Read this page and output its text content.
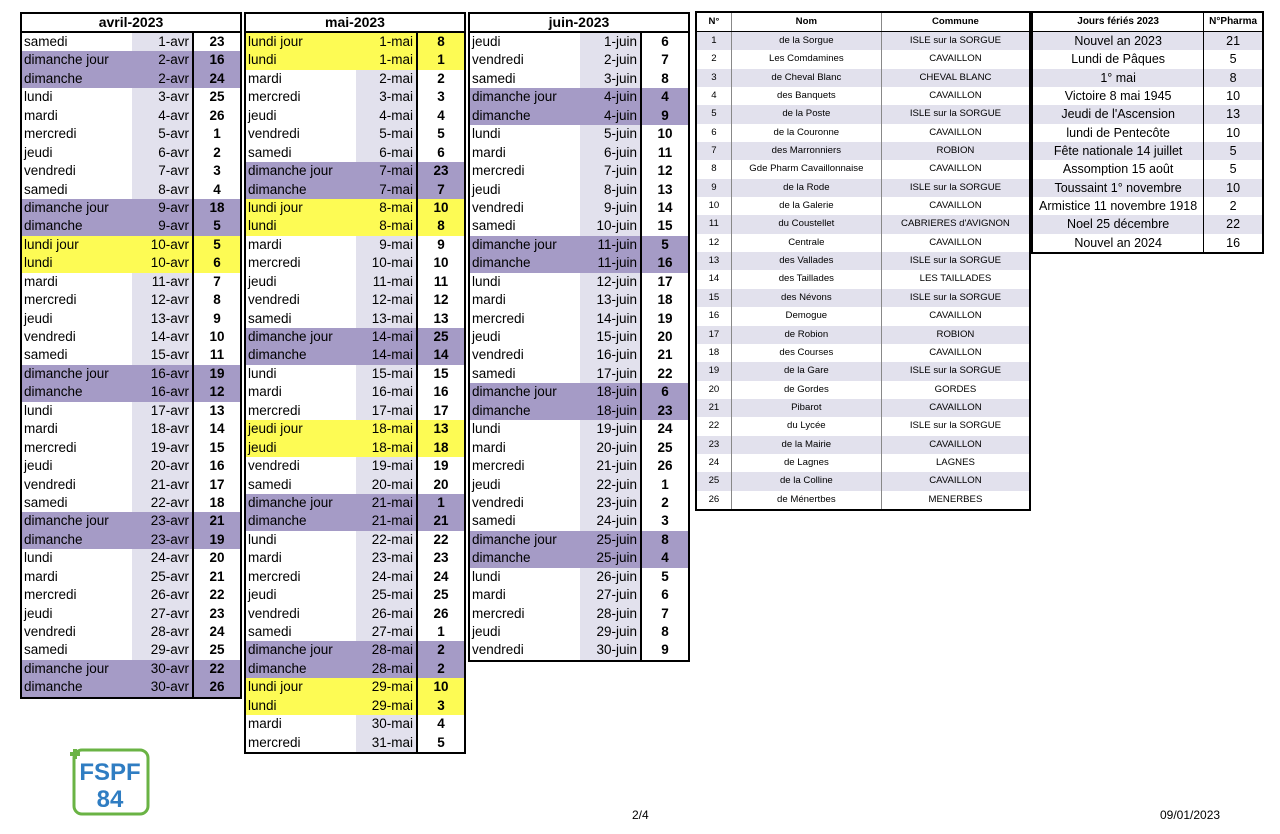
avril-2023
samedi	1-avr	23
dimanche jour	2-avr	16
dimanche	2-avr	24
lundi	3-avr	25
mardi	4-avr	26
mercredi	5-avr	1
jeudi	6-avr	2
vendredi	7-avr	3
samedi	8-avr	4
dimanche jour	9-avr	18
dimanche	9-avr	5
lundi jour	10-avr	5
lundi	10-avr	6
mardi	11-avr	7
mercredi	12-avr	8
jeudi	13-avr	9
vendredi	14-avr	10
samedi	15-avr	11
dimanche jour	16-avr	19
dimanche	16-avr	12
lundi	17-avr	13
mardi	18-avr	14
mercredi	19-avr	15
jeudi	20-avr	16
vendredi	21-avr	17
samedi	22-avr	18
dimanche jour	23-avr	21
dimanche	23-avr	19
lundi	24-avr	20
mardi	25-avr	21
mercredi	26-avr	22
jeudi	27-avr	23
vendredi	28-avr	24
samedi	29-avr	25
dimanche jour	30-avr	22
dimanche	30-avr	26
mai-2023
lundi jour	1-mai	8
lundi	1-mai	1
mardi	2-mai	2
mercredi	3-mai	3
jeudi	4-mai	4
vendredi	5-mai	5
samedi	6-mai	6
dimanche jour	7-mai	23
dimanche	7-mai	7
lundi jour	8-mai	10
lundi	8-mai	8
mardi	9-mai	9
mercredi	10-mai	10
jeudi	11-mai	11
vendredi	12-mai	12
samedi	13-mai	13
dimanche jour	14-mai	25
dimanche	14-mai	14
lundi	15-mai	15
mardi	16-mai	16
mercredi	17-mai	17
jeudi jour	18-mai	13
jeudi	18-mai	18
vendredi	19-mai	19
samedi	20-mai	20
dimanche jour	21-mai	1
dimanche	21-mai	21
lundi	22-mai	22
mardi	23-mai	23
mercredi	24-mai	24
jeudi	25-mai	25
vendredi	26-mai	26
samedi	27-mai	1
dimanche jour	28-mai	2
dimanche	28-mai	2
lundi jour	29-mai	10
lundi	29-mai	3
mardi	30-mai	4
mercredi	31-mai	5
juin-2023
jeudi	1-juin	6
vendredi	2-juin	7
samedi	3-juin	8
dimanche jour	4-juin	4
dimanche	4-juin	9
lundi	5-juin	10
mardi	6-juin	11
mercredi	7-juin	12
jeudi	8-juin	13
vendredi	9-juin	14
samedi	10-juin	15
dimanche jour	11-juin	5
dimanche	11-juin	16
lundi	12-juin	17
mardi	13-juin	18
mercredi	14-juin	19
jeudi	15-juin	20
vendredi	16-juin	21
samedi	17-juin	22
dimanche jour	18-juin	6
dimanche	18-juin	23
lundi	19-juin	24
mardi	20-juin	25
mercredi	21-juin	26
jeudi	22-juin	1
vendredi	23-juin	2
samedi	24-juin	3
dimanche jour	25-juin	8
dimanche	25-juin	4
lundi	26-juin	5
mardi	27-juin	6
mercredi	28-juin	7
jeudi	29-juin	8
vendredi	30-juin	9
N°	Nom	Commune
1	de la Sorgue	ISLE sur la SORGUE
2	Les Comdamines	CAVAILLON
3	de Cheval Blanc	CHEVAL BLANC
4	des Banquets	CAVAILLON
5	de la Poste	ISLE sur la SORGUE
6	de la Couronne	CAVAILLON
7	des Marronniers	ROBION
8	Gde Pharm Cavaillonnaise	CAVAILLON
9	de la Rode	ISLE sur la SORGUE
10	de la Galerie	CAVAILLON
11	du Coustellet	CABRIERES d'AVIGNON
12	Centrale	CAVAILLON
13	des Vallades	ISLE sur la SORGUE
14	des Taillades	LES TAILLADES
15	des Névons	ISLE sur la SORGUE
16	Demogue	CAVAILLON
17	de Robion	ROBION
18	des Courses	CAVAILLON
19	de la Gare	ISLE sur la SORGUE
20	de Gordes	GORDES
21	Pibarot	CAVAILLON
22	du Lycée	ISLE sur la SORGUE
23	de la Mairie	CAVAILLON
24	de Lagnes	LAGNES
25	de la Colline	CAVAILLON
26	de Ménertbes	MENERBES
Jours fériés 2023	N°Pharma
Nouvel an 2023	21
Lundi de Pâques	5
1° mai	8
Victoire 8 mai 1945	10
Jeudi de l'Ascension	13
lundi de Pentecôte	10
Fête nationale 14 juillet	5
Assomption 15 août	5
Toussaint 1° novembre	10
Armistice 11 novembre 1918	2
Noel 25 décembre	22
Nouvel an 2024	16
FSPF
84
2/4	09/01/2023
